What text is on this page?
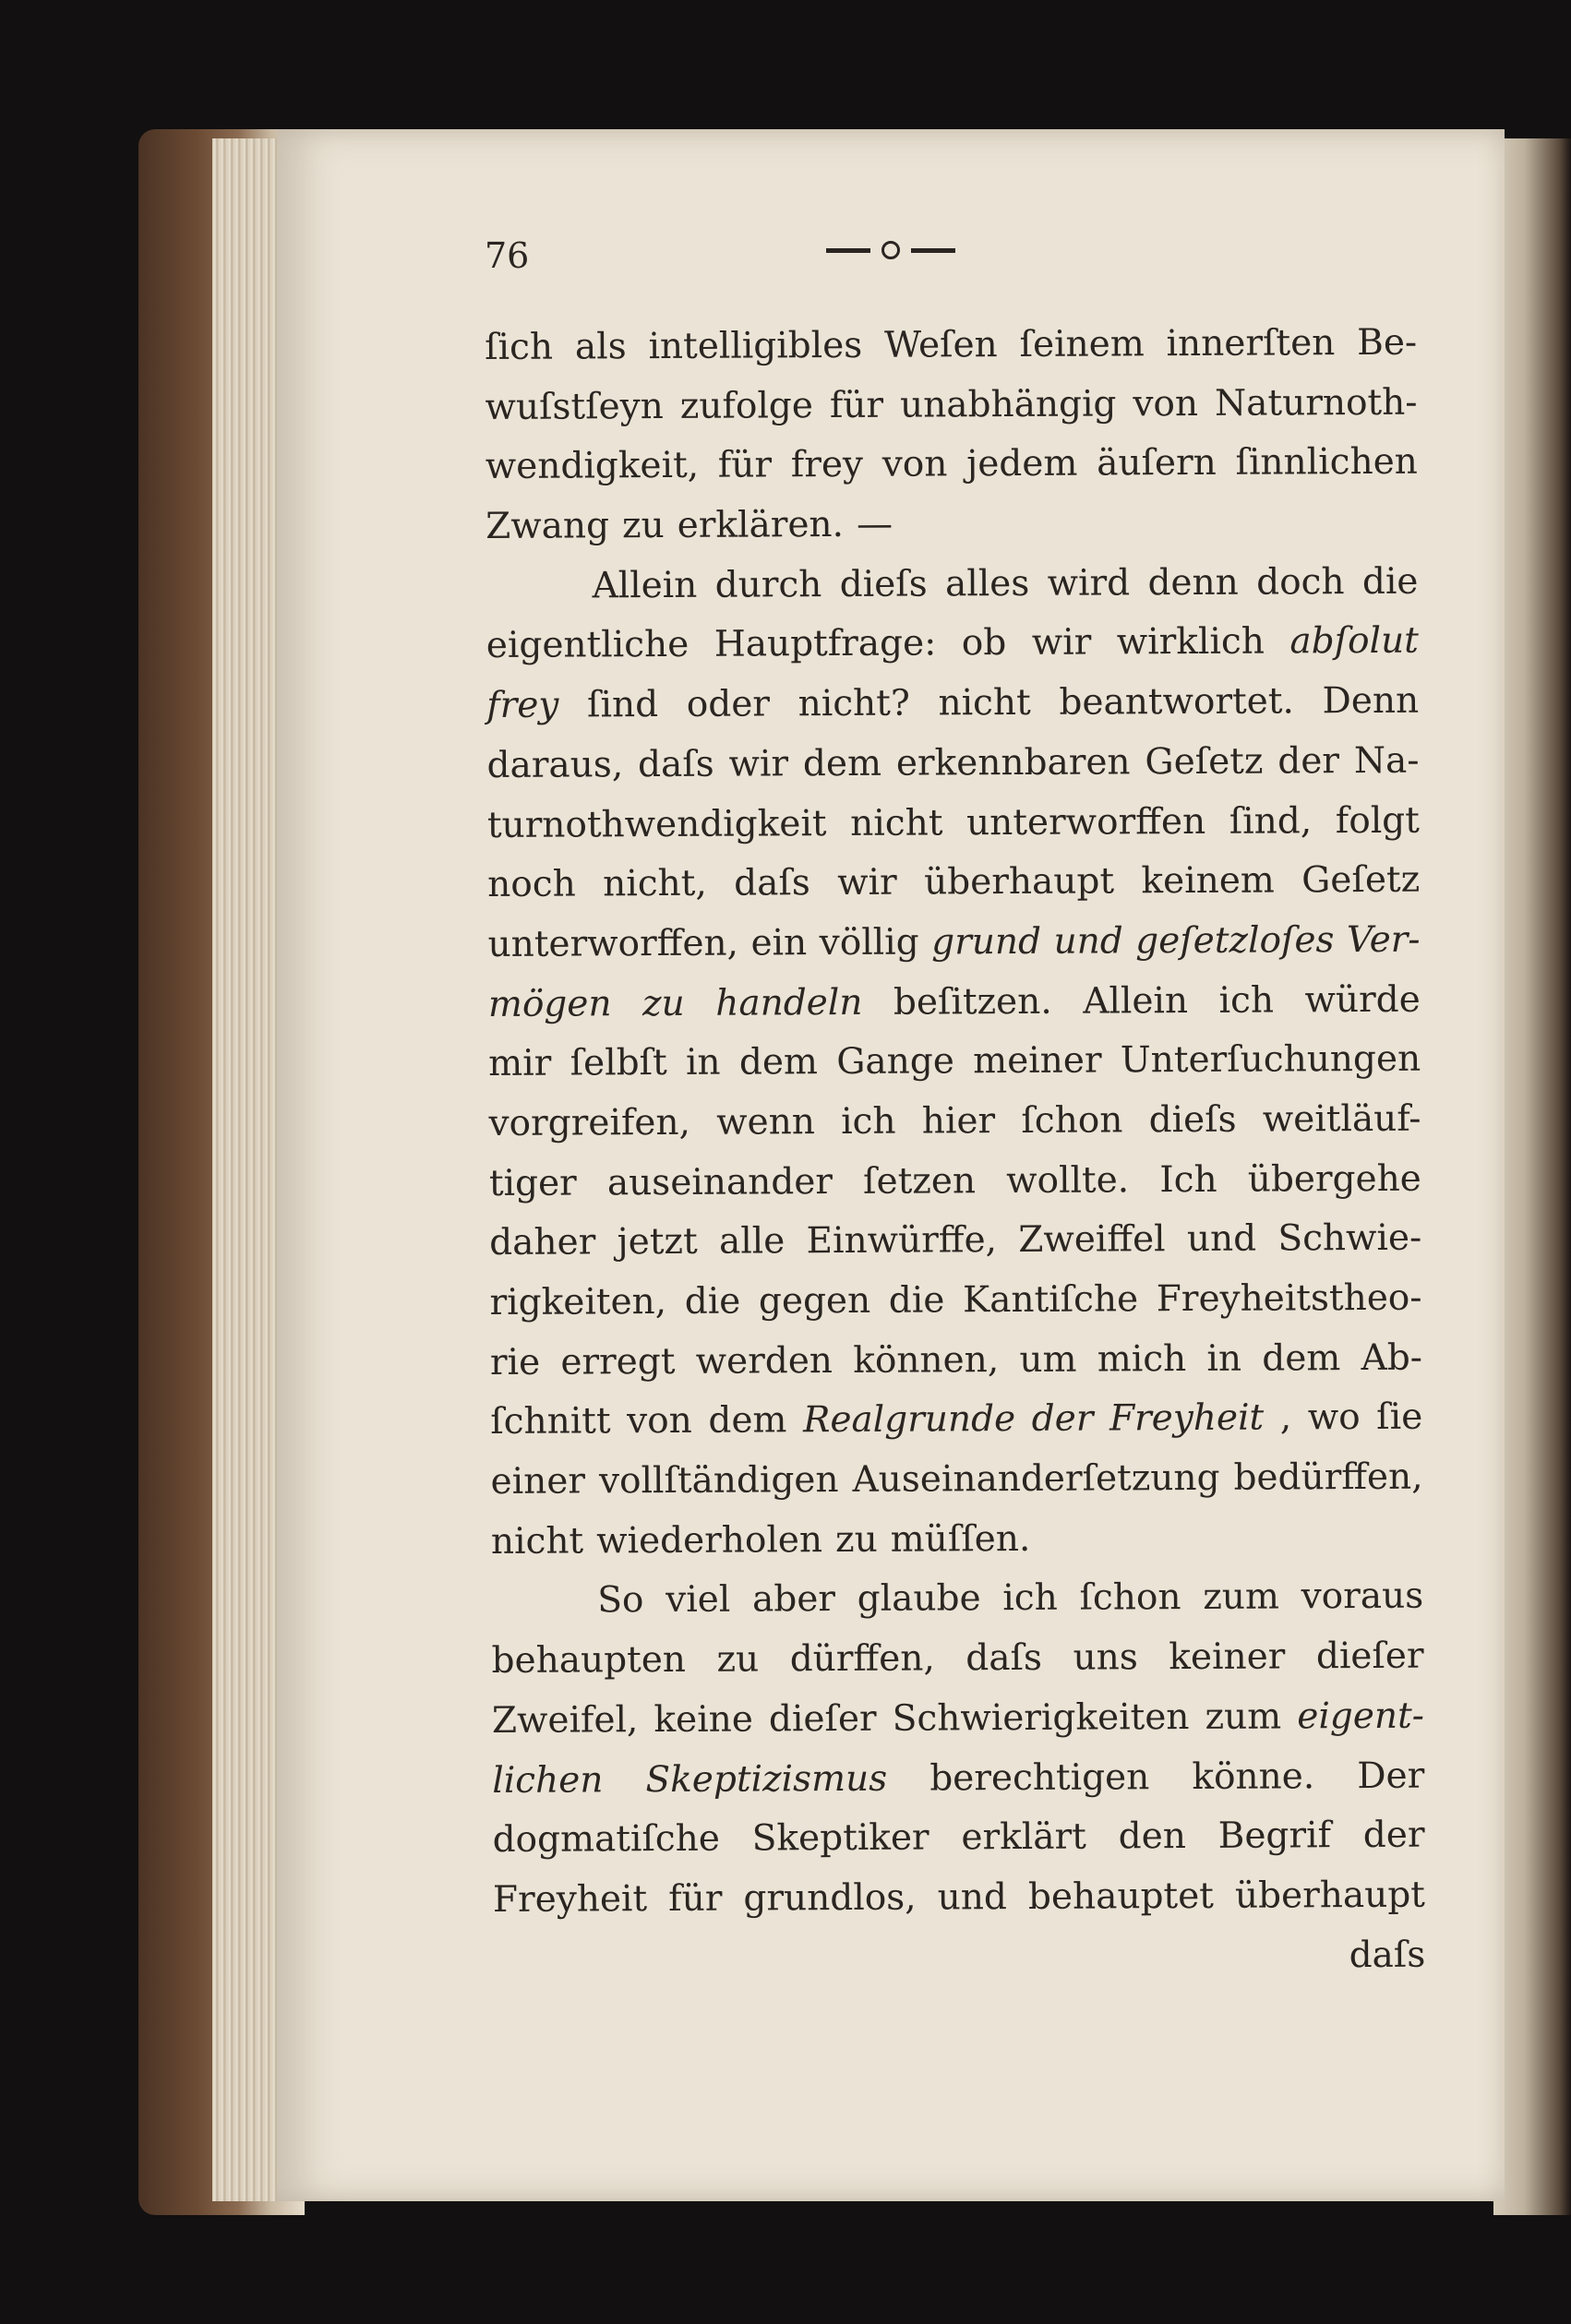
76
ſich als intelligibles Weſen ſeinem innerſten Be-
wuſstſeyn zufolge für unabhängig von Naturnoth-
wendigkeit, für frey von jedem äuſern ſinnlichen
Zwang zu erklären. —
Allein durch dieſs alles wird denn doch die
eigentliche Hauptfrage: ob wir wirklich abſolut
frey ſind oder nicht? nicht beantwortet. Denn
daraus, daſs wir dem erkennbaren Geſetz der Na-
turnothwendigkeit nicht unterworffen ſind, folgt
noch nicht, daſs wir überhaupt keinem Geſetz
unterworffen, ein völlig grund und geſetzloſes Ver-
mögen zu handeln beſitzen. Allein ich würde
mir ſelbſt in dem Gange meiner Unterſuchungen
vorgreifen, wenn ich hier ſchon dieſs weitläuf-
tiger auseinander ſetzen wollte. Ich übergehe
daher jetzt alle Einwürffe, Zweiffel und Schwie-
rigkeiten, die gegen die Kantiſche Freyheitstheo-
rie erregt werden können, um mich in dem Ab-
ſchnitt von dem Realgrunde der Freyheit , wo ſie
einer vollſtändigen Auseinanderſetzung bedürffen,
nicht wiederholen zu müſſen.
So viel aber glaube ich ſchon zum voraus
behaupten zu dürffen, daſs uns keiner dieſer
Zweifel, keine dieſer Schwierigkeiten zum eigent-
lichen Skeptizismus berechtigen könne. Der
dogmatiſche Skeptiker erklärt den Begrif der
Freyheit für grundlos, und behauptet überhaupt
daſs
